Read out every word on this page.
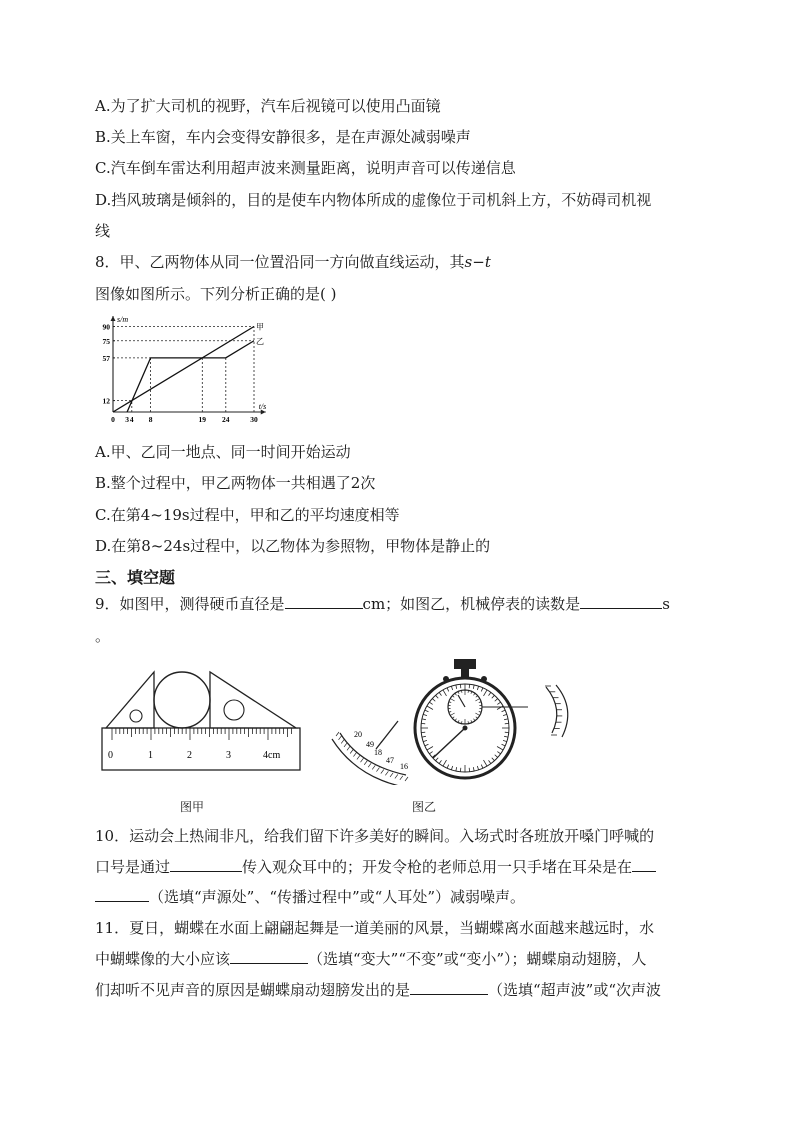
A.为了扩大司机的视野，汽车后视镜可以使用凸面镜
B.关上车窗，车内会变得安静很多，是在声源处减弱噪声
C.汽车倒车雷达利用超声波来测量距离，说明声音可以传递信息
D.挡风玻璃是倾斜的，目的是使车内物体所成的虚像位于司机斜上方，不妨碍司机视
线
8．甲、乙两物体从同一位置沿同一方向做直线运动，其s−t
图像如图所示。下列分析正确的是( )
s/m
t/s
12
57
75
90
0 3 4 8	19 24	30
甲
乙
A.甲、乙同一地点、同一时间开始运动
B.整个过程中，甲乙两物体一共相遇了2次
C.在第4~19s过程中，甲和乙的平均速度相等
D.在第8~24s过程中，以乙物体为参照物，甲物体是静止的
三、填空题
9．如图甲，测得硬币直径是	cm；如图乙，机械停表的读数是	s
。
0	1	2	3	4cm
20
49
18
47
16
图甲	图乙
10．运动会上热闹非凡，给我们留下许多美好的瞬间。入场式时各班放开嗓门呼喊的
口号是通过	传入观众耳中的；开发令枪的老师总用一只手堵在耳朵是在
（选填“声源处”、“传播过程中”或“人耳处”）减弱噪声。
11．夏日，蝴蝶在水面上翩翩起舞是一道美丽的风景，当蝴蝶离水面越来越远时，水
中蝴蝶像的大小应该	（选填“变大”“不变”或“变小”）；蝴蝶扇动翅膀，人
们却听不见声音的原因是蝴蝶扇动翅膀发出的是	（选填“超声波”或“次声波
